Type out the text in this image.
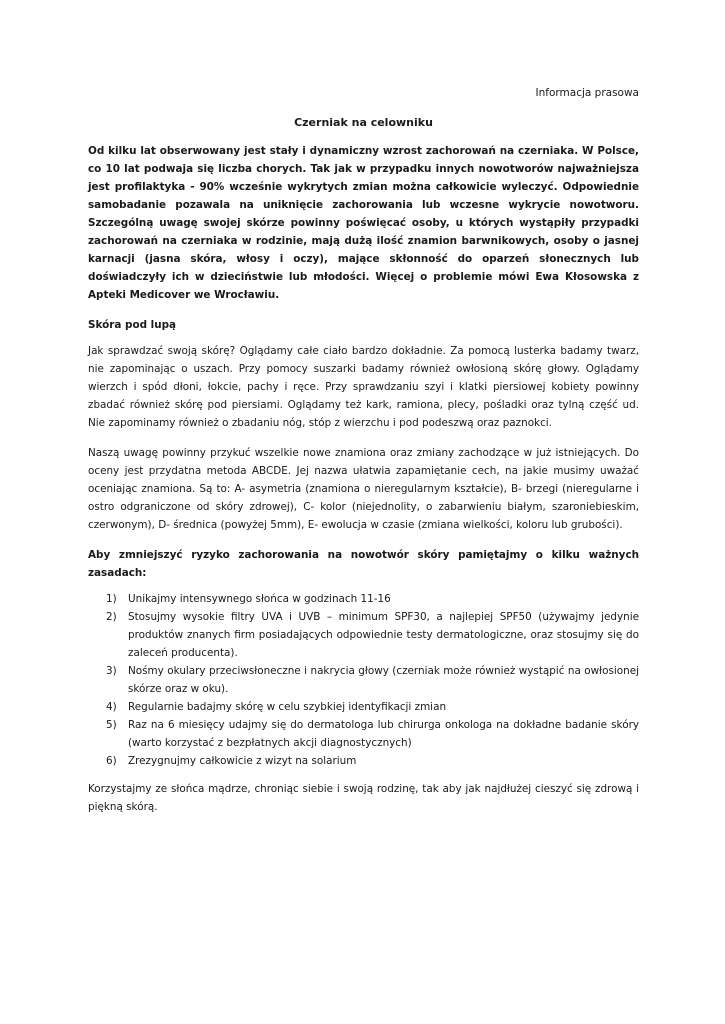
Informacja prasowa
Czerniak na celowniku

Od kilku lat obserwowany jest stały i dynamiczny wzrost zachorowań na czerniaka. W Polsce, co 10 lat podwaja się liczba chorych. Tak jak w przypadku innych nowotworów najważniejsza jest profilaktyka - 90% wcześnie wykrytych zmian można całkowicie wyleczyć. Odpowiednie samobadanie pozawala na uniknięcie zachorowania lub wczesne wykrycie nowotworu. Szczególną uwagę swojej skórze powinny poświęcać osoby, u których wystąpiły przypadki zachorowań na czerniaka w rodzinie, mają dużą ilość znamion barwnikowych, osoby o jasnej karnacji (jasna skóra, włosy i oczy), mające skłonność do oparzeń słonecznych lub doświadczyły ich w dzieciństwie lub młodości. Więcej o problemie mówi Ewa Kłosowska z Apteki Medicover we Wrocławiu.

Skóra pod lupą

Jak sprawdzać swoją skórę? Oglądamy całe ciało bardzo dokładnie. Za pomocą lusterka badamy twarz, nie zapominając o uszach. Przy pomocy suszarki badamy również owłosioną skórę głowy. Oglądamy wierzch i spód dłoni, łokcie, pachy i ręce. Przy sprawdzaniu szyi i klatki piersiowej kobiety powinny zbadać również skórę pod piersiami. Oglądamy też kark, ramiona, plecy, pośladki oraz tylną część ud. Nie zapominamy również o zbadaniu nóg, stóp z wierzchu i pod podeszwą oraz paznokci.

Naszą uwagę powinny przykuć wszelkie nowe znamiona oraz zmiany zachodzące w już istniejących. Do oceny jest przydatna metoda ABCDE. Jej nazwa ułatwia zapamiętanie cech, na jakie musimy uważać oceniając znamiona. Są to: A- asymetria (znamiona o nieregularnym kształcie), B- brzegi (nieregularne i ostro odgraniczone od skóry zdrowej), C- kolor (niejednolity, o zabarwieniu białym, szaroniebieskim, czerwonym), D- średnica (powyżej 5mm), E- ewolucja w czasie (zmiana wielkości, koloru lub grubości).

Aby zmniejszyć ryzyko zachorowania na nowotwór skóry pamiętajmy o kilku ważnych zasadach:

1) Unikajmy intensywnego słońca w godzinach 11-16
2) Stosujmy wysokie filtry UVA i UVB – minimum SPF30, a najlepiej SPF50 (używajmy jedynie produktów znanych firm posiadających odpowiednie testy dermatologiczne, oraz stosujmy się do zaleceń producenta).
3) Nośmy okulary przeciwsłoneczne i nakrycia głowy (czerniak może również wystąpić na owłosionej skórze oraz w oku).
4) Regularnie badajmy skórę w celu szybkiej identyfikacji zmian
5) Raz na 6 miesięcy udajmy się do dermatologa lub chirurga onkologa na dokładne badanie skóry (warto korzystać z bezpłatnych akcji diagnostycznych)
6) Zrezygnujmy całkowicie z wizyt na solarium

Korzystajmy ze słońca mądrze, chroniąc siebie i swoją rodzinę, tak aby jak najdłużej cieszyć się zdrową i piękną skórą.
